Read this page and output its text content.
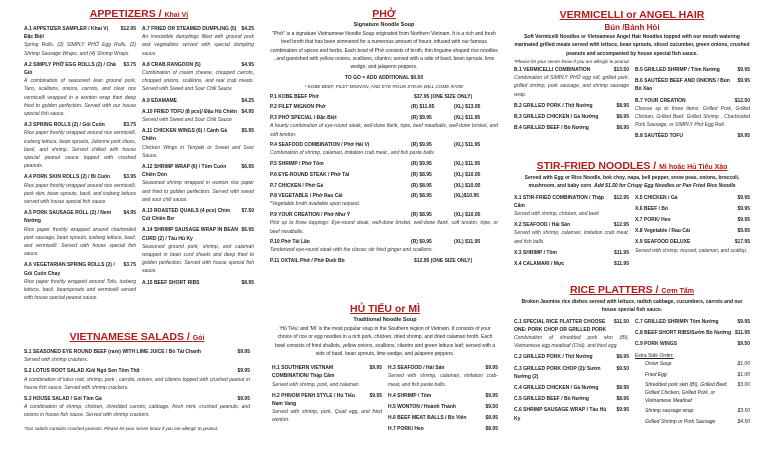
APPETIZERS / Khai Vị
A.1 APPETIZER SAMPLER / Khai Vị Đặc Biệt
$12.95
Spring Rolls, (2) SIMPLY PHỞ Egg Rolls, (2) Shrimp Sausage Wraps, and (4) Shrimp Wraps
A.2 SIMPLY PHỞ EGG ROLLS (2) / Chả Giò
$3.75
A combination of seasoned lean ground pork, Taro, scallions, onions, carrots, and clear rice vermicelli wrapped in a wonton wrap then deep fried to golden perfection. Served with our house special fish sauce.
A.3 SPRING ROLLS (2) / Gỏi Cuốn	$3.75
Rice paper freshly wrapped around rice vermicelli, iceberg lettuce, bean sprouts, Julienne pork slices, basil, and shrimp. Served chilled with house special peanut sauce topped with crushed peanuts.
A.4 PORK SKIN ROLLS (2) / Bì Cuốn	$3.95
Rice paper freshly wrapped around rice vermicelli, pork skin, bean sprouts, basil, and iceberg lettuce served with house special fish sauce.
A.5 PORK SAUSAGE ROLL (2) / Nem Nướng
$4.95
Rice paper freshly wrapped around charbroiled pork sausage, bean sprouts, iceberg lettuce, basil, and vermicelli. Served with house special fish sauce.
A.6 VEGETARIAN SPRING ROLLS (2) / Gỏi Cuốn Chay
$3.75
Rice paper freshly wrapped around Tofu, iceberg lettuce, basil, beansprouts and vermicelli served with house special peanut sauce.
A.7 FRIED OR STEAMED DUMPLING (5)	$4.25
An irresistible dumplings filled with ground pork and vegetables served with special dumpling sauce.
A.8 CRAB RANGOON (5)	$4.95
Combination of cream cheese, chopped carrots, chopped onions, scallions, and real crab meats. Served with Sweet and Sour Chili Sauce
A.9 EDAMAME	$4.25
A.10 FRIED TOFU (8 pcs)/ Đậu Hủ Chiên $4.95
Served with Sweet and Sour Chili Sauce
A.11 CHICKEN WINGS (6) / Cánh Gà Chiên
$5.95
Chicken Wings in Teriyaki or Sweet and Sour Sauce.
A.12 SHRIMP WRAP (6) / Tôm Cuốn Chiên Dòn
$6.95
Seasoned shrimp wrapped in wonton rice paper and fried to golden perfection. Served with sweet and sour chili sauce.
A.13 ROASTED QUAILS (4 pcs) Chim Cút Chiên Bơ
$7.50
A.14 SHRIMP SAUSAGE WRAP IN BEAN CURD (2) / Tàu Hủ Ky
$6.95
Seasoned ground pork, shrimp, and calamari wrapped in bean curd sheets and deep fried to golden perfection. Served with house special fish sauce.
A.15 BEEF SHORT RIBS	$8.95
VIETNAMESE SALADS / Gỏi
S.1 SEASONED EYE ROUND BEEF (rare) WITH LIME JUICE / Bò Tái Chanh	$9.95
Served with shrimp crackers.
S.2 LOTUS ROOT SALAD /Gỏi Ngó Sen Tôm Thịt	$9.95
A combination of lotus root, shrimp, pork , carrots, onions, and cilantro topped with crushed peanut in house fish sauce. Served with shrimp crackers.
S.3 HOUSE SALAD / Gỏi Tôm Gà	$9.95
A combination of shrimp, chicken, shredded carrots, cabbage, fresh mint, crushed peanuts, and onions in house fish sauce. Served with shrimp crackers.
*Our salads contains crushed peanuts. Please let your server know if you are allergic to peanut.
PHỞ
Signature Noodle Soup
"Phở" is a signature Vietnamese Noodle Soup originated from Northern Vietnam. It is a rich and fresh beef broth that has been simmered for a numerous amount of hours; infused with our famous combination of spices and herbs. Each bowl of Phở consists of broth, thin linguine-shaped rice noodles , and garnished with yellow onions, scallions, cilantro; served with a side of basil, bean sprouts, lime wedge, and jalapeno peppers.
TO GO = ADD ADDITIONAL $0.50
* KOBE BEEF, FILET MIGNON, AND EYE-ROUN STEAK WILL COME RARE
P.1 KOBE BEEF Phở	$37.95 (ONE SIZE ONLY)
P.2 FILET MIGNON Phở	(R) $11.95	(XL) $13.95
P.3 PHỞ SPECIAL / Đặc Biệt	(R) $9.95	(XL) $11.95
A hearty combination of eye-round steak, well-done flank, tripe, beef meatballs, well-done brisket, and soft tendon.
P.4 SEAFOOD COMBINATION / Phở Hải Vị	(R) $9.95	(XL) $11.95
Combination of shrimp, calamari, imitation crab meat , and fish paste balls.
P.5 SHRIMP / Phở Tôm	(R) $9.95	(XL) $11.95
P.6 EYE-ROUND STEAK / Phở Tái	(R) $8.95	(XL) $10.95
P.7 CHICKEN / Phở Gà	(R) $8.95	(XL) $10.95
P.8 VEGETABLE / Phở Rau Cải	(R) $8.95	(XL)$10.95
*Vegetable broth available upon request.
P.9 YOUR CREATION / Phở Như Ý	(R) $8.95	(XL) $10.95
Pick up to three toppings: Eye-round steak, well-done brisket, well-done flank, soft tendon, tripe, or beef meatballs.
P.10 Phở Tái Lăn	(R) $9.95	(XL) $11.95
Tenderized eye-round steak with the classic stir fried ginger and scallions.
P.11 OXTAIL Phở / Phở Đuôi Bò	$12.95 (ONE SIZE ONLY)
HỦ TIẾU or MÌ
Traditional Noodle Soup
'Hủ Tiếu' and 'Mì' is the most popular soup in the Southern region of Vietnam. It consists of your choice of rice or egg noodles in a rich pork, chicken, dried shrimp, and dried calamari broth. Each bowl consists of fried shallots, yellow onions, scallions, cilantro and green lettuce leaf; served with a side of basil, bean sprouts, lime wedge, and jalapeno peppers.
H.1 SOUTHERN VIETNAM COMBINATION/ Thập Cẩm
$9.95
Served with shrimp, pork, and calamari.
H.2 PHNOM PENH STYLE / Hủ Tiếu Nam Vang
$9.95
Served with shrimp, pork, Quail egg, and fried wonton.
H.3 SEAFOOD / Hải Sản	$9.95
Served with shrimp, calamari, imitation crab-meat, and fish paste balls.
H.4 SHRIMP / Tôm	$9.95
H.5 WONTON / Hoành Thánh	$9.50
H.6 BEEF MEAT BALLS / Bò Viên	$8.95
H.7 PORK/ Heo	$8.95
VERMICELLI or ANGEL HAIR
Bún /Bánh Hỏi
Soft Vermicelli Noodles or Vietnamese Angel Hair Noodles topped with our mouth watering marinated grilled meats served with lettuce, bean sprouts, sliced cucumber, green onions, crushed peanuts and accompanied by house special fish sauce.
*Please let your server know if you are allergic to peanut.
B.1 VERMICELLI COMBINATION	$13.50
Combination of SIMPLY PHỞ egg roll, grilled pork, grilled shrimp, pork sausage, and shrimp sausage wrap.
B.2 GRILLED PORK / Thịt Nướng	$8.95
B.3 GRILLED CHICKEN / Gà Nướng	$8.95
B.4 GRILLED BEEF / Bò Nướng	$8.95
B.5 GRILLED SHRIMP / Tôm Nướng	$9.95
B.6 SAUTÉED BEEF AND ONIONS / Bún Bò Xào
$9.95
B.7 YOUR CREATION	$12.50
Choose up to three items: Grilled Pork, Grilled Chicken, Grilled Beef, Grilled Shrimp , Charbroiled Pork Sausage, or SIMPLY Phở Egg Roll.
B.8 SAUTÉED TOFU	$9.95
STIR-FRIED NOODLES / Mì hoặc Hủ Tiếu Xào
Served with Egg or Rice Noodle, bok choy, napa, bell pepper, snow peas, onions, broccoli, mushroom, and baby corn Add $1.50 for Crispy Egg Noodles or Pan Fried Rice Noodle
X.1 STIR-FRIED COMBINATION / Thập Cẩm
$12.95
Served with shrimp, chicken, and beef.
X.2 SEAFOOD / Hải Sản	$12.95
Served with shrimp, calamari, imitation crab meat, and fish balls.
X.3 SHRIMP / Tôm	$11.95
X.4 CALAMARI / Mực	$11.95
X.5 CHICKEN / Gà	$9.95
X.6 BEEF / Bò	$9.95
X.7 PORK/ Heo	$9.95
X.8 Vegetable / Rau Cải	$9.95
X.9 SEAFOOD DELUXE	$17.95
Served with shrimp, mussel, calamari, and scallop.
RICE PLATTERS / Cơm Tấm
Broken Jasmine rice dishes served with lettuce, radish cabbage, cucumbers, carrots and our house special fish sauce.
C.1 SPECIAL RICE PLATTER CHOOSE ONE: PORK CHOP OR GRILLED PORK
$11.50
Combination of shredded pork skin (Bì), Vietnamese egg meatloaf (Chả), and fried egg.
C.2 GRILLED PORK / Thịt Nướng	$8.95
C.3 GRILLED PORK CHOP (2)/ Sườn Nướng (2)
$9.50
C.4 GRILLED CHICKEN / Gà Nướng	$8.95
C.5 GRILLED BEEF / Bò Nướng	$8.95
C.6 SHRIMP SAUSAGE WRAP / Tàu Hủ Ky
$9.95
C.7 GRILLED SHRIMP/ Tôm Nướng	$9.95
C.8 BEEF SHORT RIBS/Sườn Bò Nướng $11.95
C.9 PORK WINGS	$9.50
Extra Side Order:
Onion Soup	$1.00
Fried Egg	$1.00
Shredded pork skin (Bì), Grilled Beef, Grilled Chicken, Grilled Pork, or Vietnamese Meatloaf
$3.00
Shrimp sausage wrap	$3.50
Grilled Shrimp or Pork Sausage	$4.50
